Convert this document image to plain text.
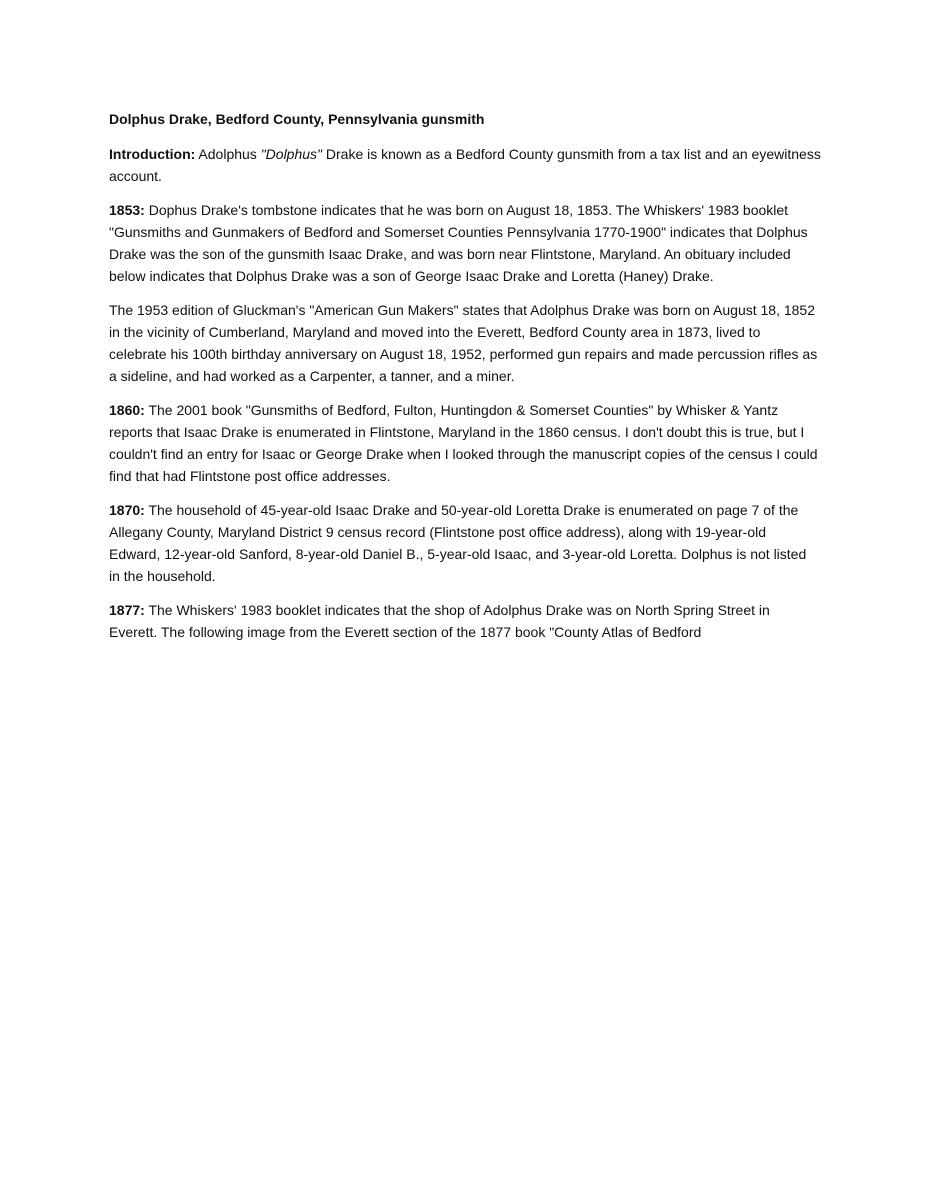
Dolphus Drake, Bedford County, Pennsylvania gunsmith

Introduction: Adolphus "Dolphus" Drake is known as a Bedford County gunsmith from a tax list and an eyewitness account.

1853: Dophus Drake's tombstone indicates that he was born on August 18, 1853. The Whiskers' 1983 booklet "Gunsmiths and Gunmakers of Bedford and Somerset Counties Pennsylvania 1770-1900" indicates that Dolphus Drake was the son of the gunsmith Isaac Drake, and was born near Flintstone, Maryland. An obituary included below indicates that Dolphus Drake was a son of George Isaac Drake and Loretta (Haney) Drake.

The 1953 edition of Gluckman's "American Gun Makers" states that Adolphus Drake was born on August 18, 1852 in the vicinity of Cumberland, Maryland and moved into the Everett, Bedford County area in 1873, lived to celebrate his 100th birthday anniversary on August 18, 1952, performed gun repairs and made percussion rifles as a sideline, and had worked as a Carpenter, a tanner, and a miner.

1860: The 2001 book "Gunsmiths of Bedford, Fulton, Huntingdon & Somerset Counties" by Whisker & Yantz reports that Isaac Drake is enumerated in Flintstone, Maryland in the 1860 census. I don't doubt this is true, but I couldn't find an entry for Isaac or George Drake when I looked through the manuscript copies of the census I could find that had Flintstone post office addresses.

1870: The household of 45-year-old Isaac Drake and 50-year-old Loretta Drake is enumerated on page 7 of the Allegany County, Maryland District 9 census record (Flintstone post office address), along with 19-year-old Edward, 12-year-old Sanford, 8-year-old Daniel B., 5-year-old Isaac, and 3-year-old Loretta. Dolphus is not listed in the household.

1877: The Whiskers' 1983 booklet indicates that the shop of Adolphus Drake was on North Spring Street in Everett. The following image from the Everett section of the 1877 book "County Atlas of Bedford
